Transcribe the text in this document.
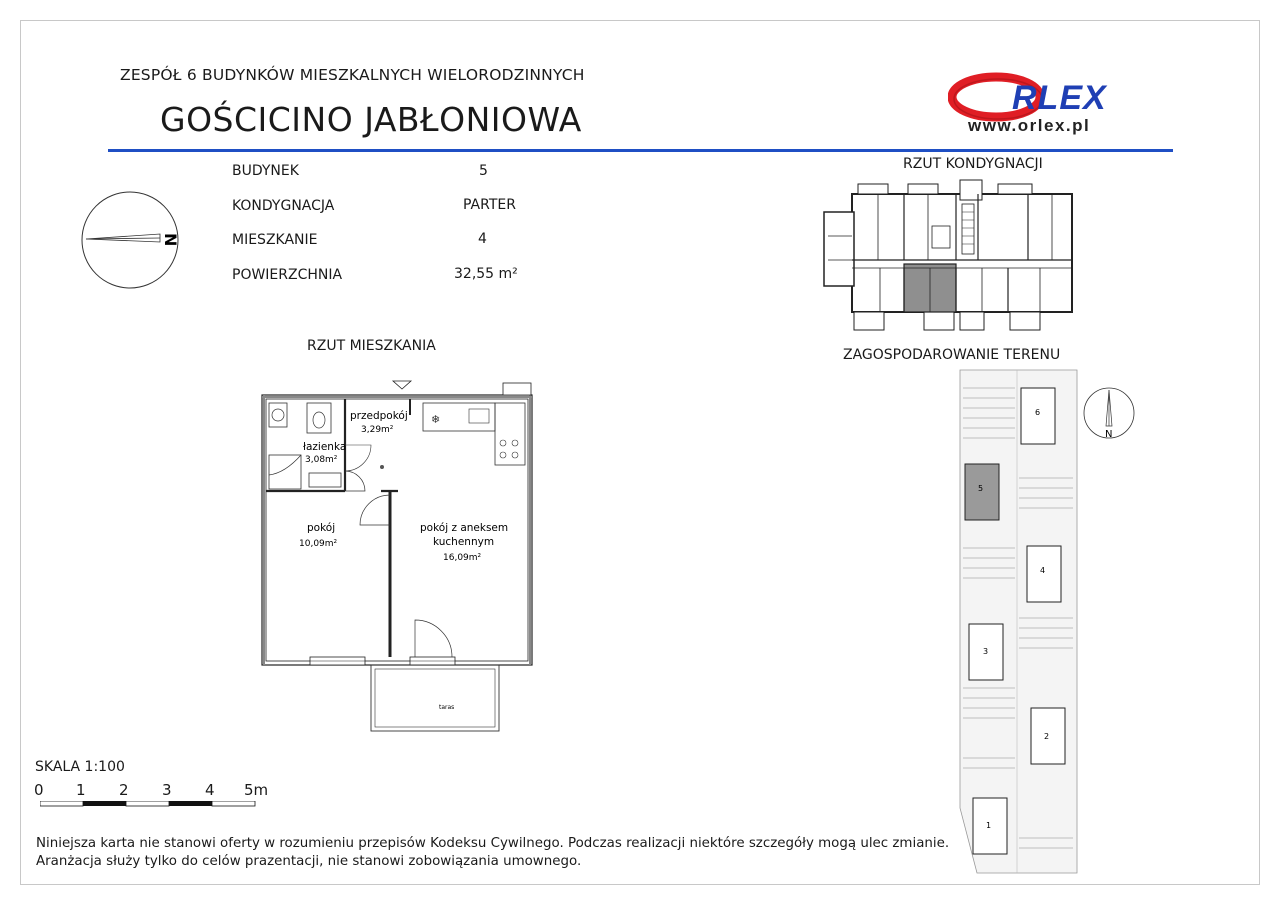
ZESPÓŁ 6 BUDYNKÓW MIESZKALNYCH WIELORODZINNYCH
GOŚCICINO JABŁONIOWA
RLEX
www.orlex.pl
BUDYNEK	5
KONDYGNACJA	PARTER
MIESZKANIE	4
POWIERZCHNIA	32,55 m²
N
RZUT KONDYGNACJI
RZUT MIESZKANIA
ZAGOSPODAROWANIE TERENU
❄
przedpokój
3,29m²
łazienka
3,08m²
pokój
10,09m²
pokój z aneksem
kuchennym
16,09m²
taras
6
5
4
3
2
1
N
SKALA 1:100
0 1 2 3 4 5m
Niniejsza karta nie stanowi oferty w rozumieniu przepisów Kodeksu Cywilnego. Podczas realizacji niektóre szczegóły mogą ulec zmianie.
Aranżacja służy tylko do celów prazentacji, nie stanowi zobowiązania umownego.
